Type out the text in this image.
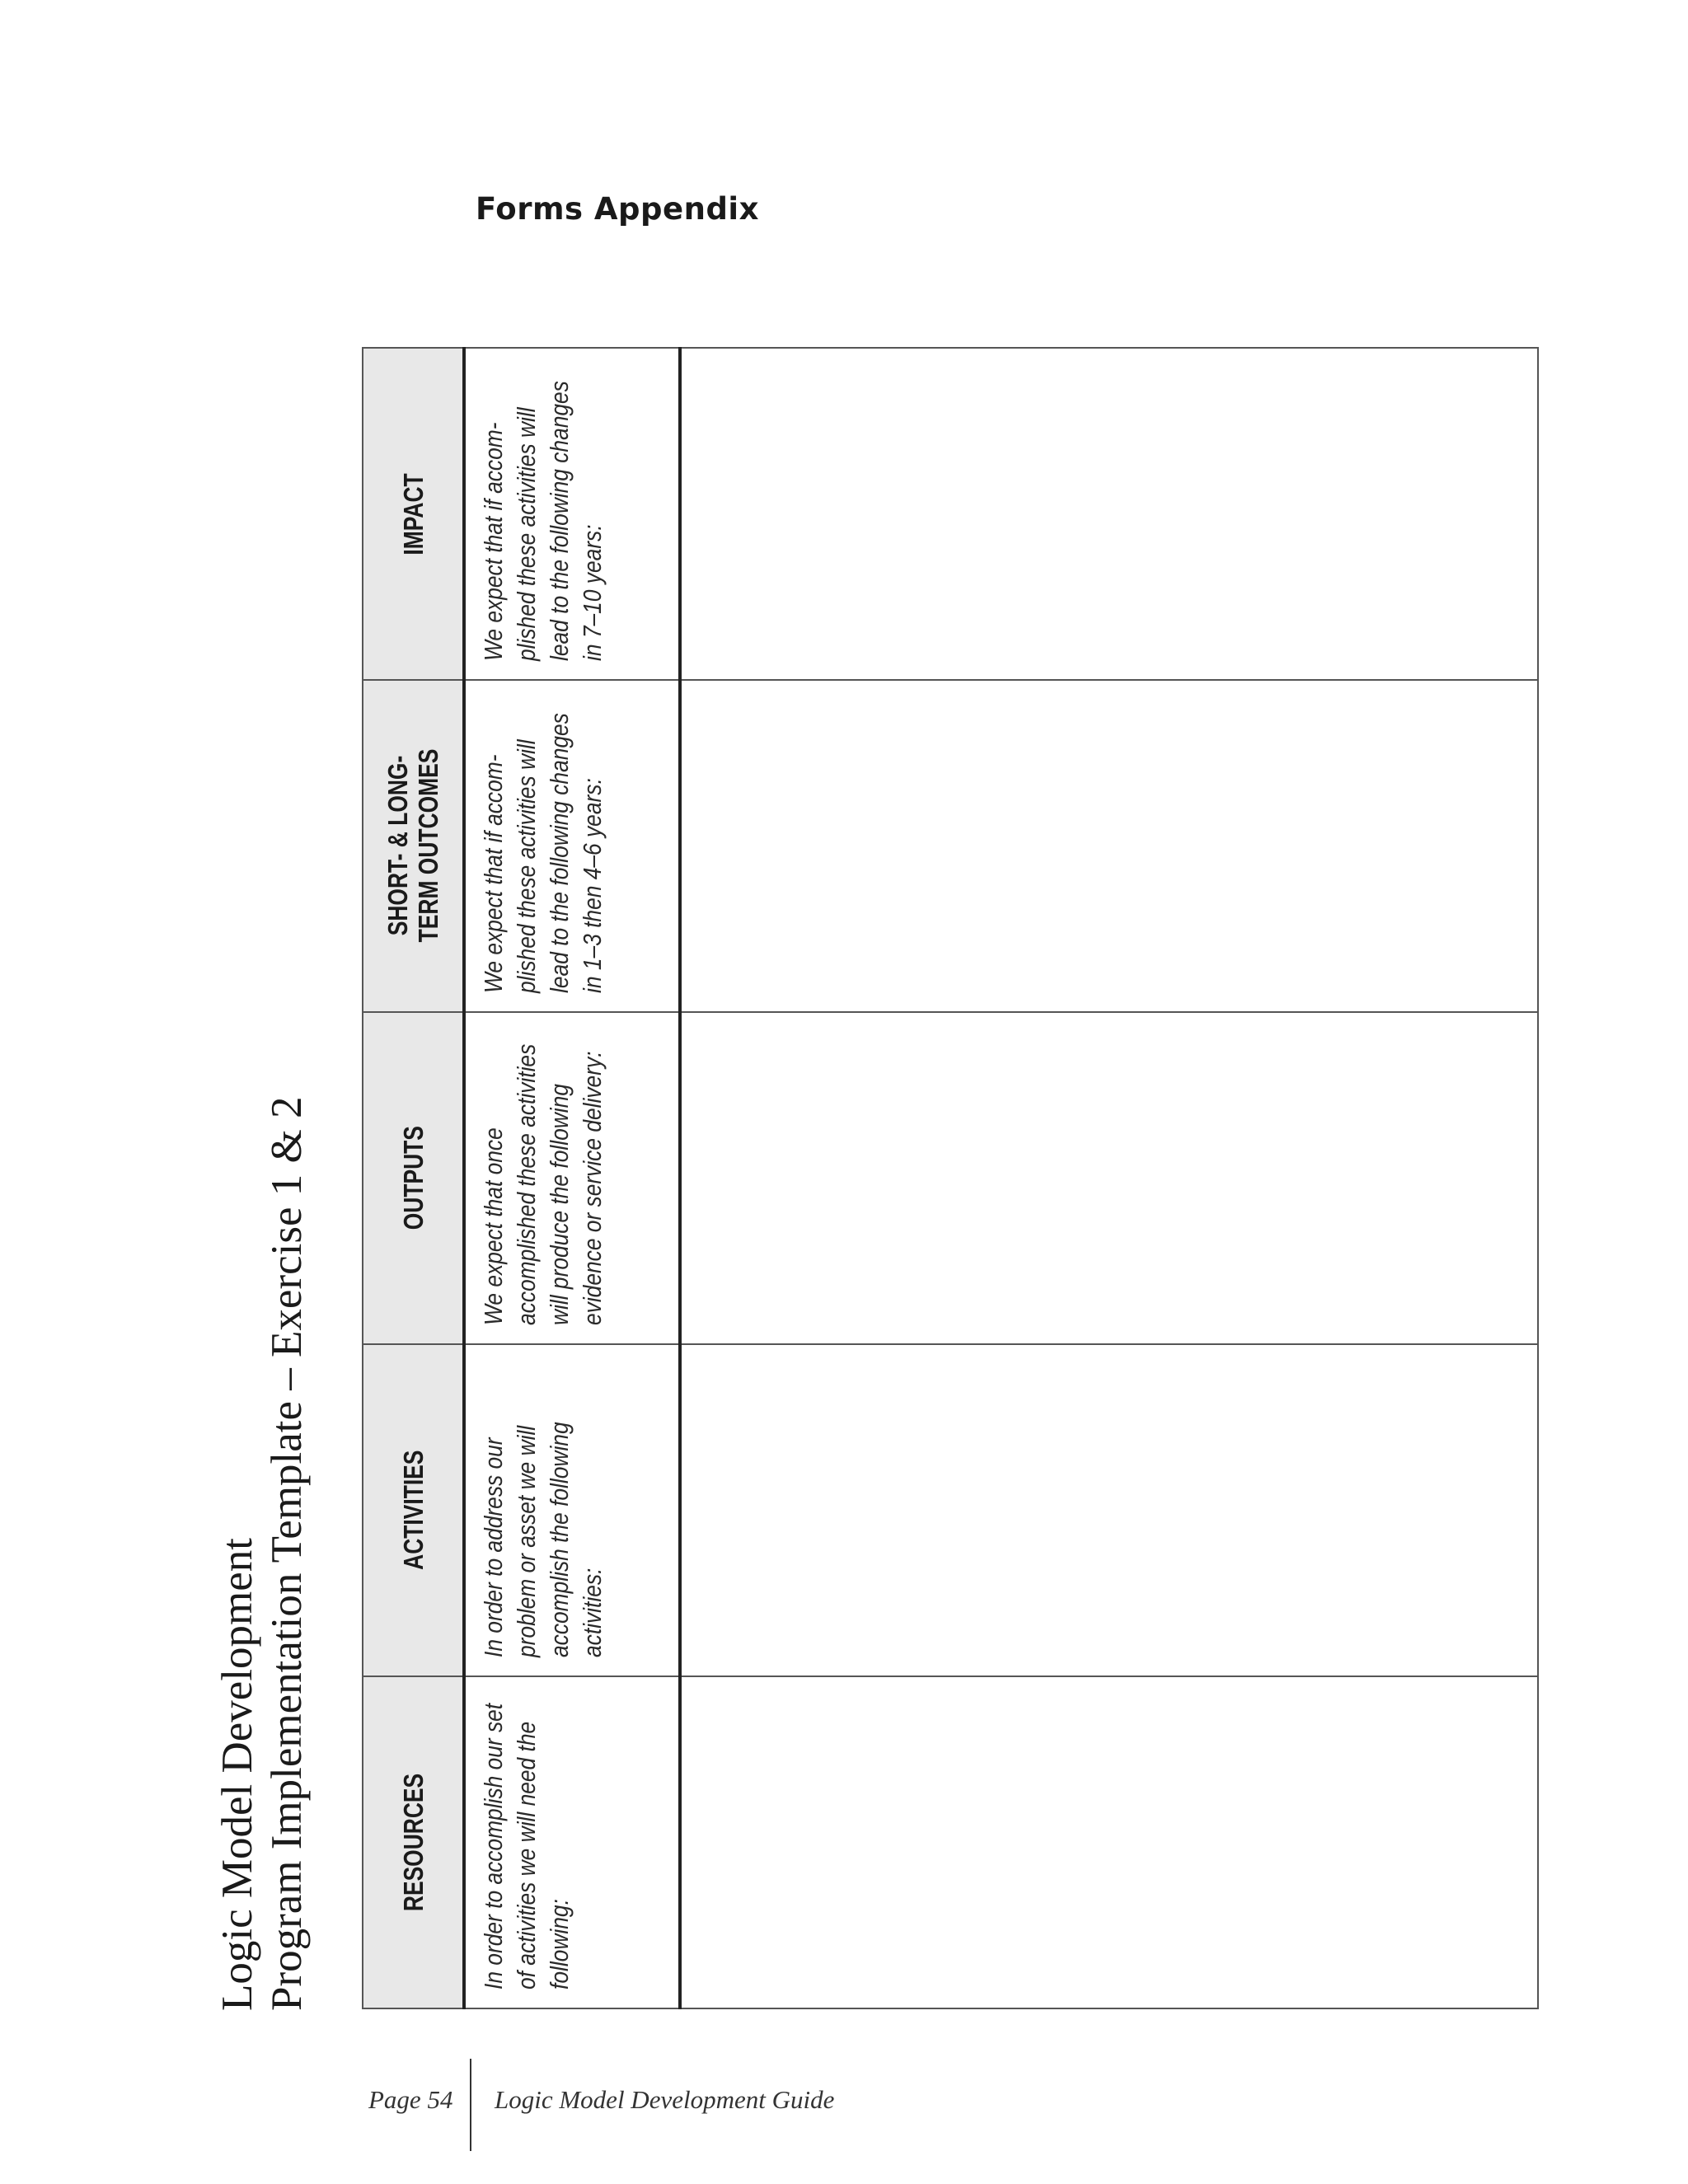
Forms Appendix
Logic Model Development Program Implementation Template – Exercise 1 & 2	RESOURCES	ACTIVITIES	OUTPUTS	SHORT- & LONG-TERM OUTCOMES	IMPACT

In order to accomplish our set of activities we will need the following:	In order to address our problem or asset we will accomplish the following activities:	We expect that once accomplished these activities will produce the following evidence or service delivery:	We expect that if accom- plished these activities will lead to the following changes in 1–3 then 4–6 years:	We expect that if accom- plished these activities will lead to the following changes in 7–10 years:

Page 54 Logic Model Development Guide
